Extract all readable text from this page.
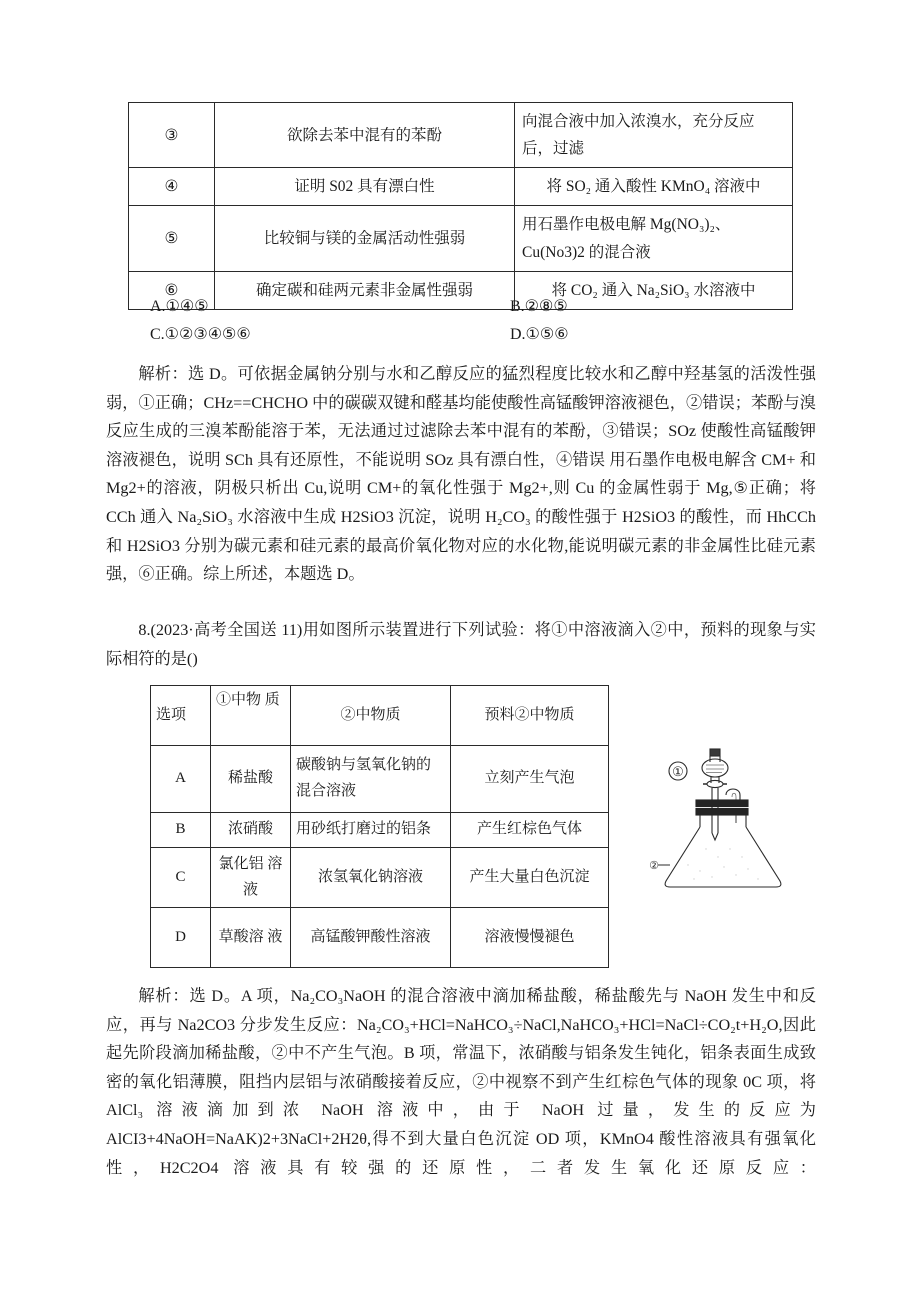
③	欲除去苯中混有的苯酚	向混合液中加入浓溴水，充分反应后，过滤
④	证明 S02 具有漂白性	将 SO₂ 通入酸性 KMnO₄ 溶液中
⑤	比较铜与镁的金属活动性强弱	用石墨作电极电解 Mg(NO₃)₂、Cu(No3)2 的混合液
⑥	确定碳和硅两元素非金属性强弱	将 CO₂ 通入 Na₂SiO₃ 水溶液中
A.①④⑤	B.②⑧⑤
C.①②③④⑤⑥	D.①⑤⑥
解析：选 D。可依据金属钠分别与水和乙醇反应的猛烈程度比较水和乙醇中羟基氢的活泼性强弱，①正确；CHz==CHCHO 中的碳碳双键和醛基均能使酸性高锰酸钾溶液褪色，②错误；苯酚与溴反应生成的三溴苯酚能溶于苯，无法通过过滤除去苯中混有的苯酚，③错误；SOz 使酸性高锰酸钾溶液褪色，说明 SCh 具有还原性，不能说明 SOz 具有漂白性，④错误 用石墨作电极电解含 CM+ 和 Mg2+的溶液，阴极只析出 Cu,说明 CM+的氧化性强于 Mg2+,则 Cu 的金属性弱于 Mg,⑤正确；将 CCh 通入 Na₂SiO₃ 水溶液中生成 H2SiO3 沉淀，说明 H₂CO₃ 的酸性强于 H2SiO3 的酸性，而 HhCCh 和 H2SiO3 分别为碳元素和硅元素的最高价氧化物对应的水化物,能说明碳元素的非金属性比硅元素强，⑥正确。综上所述，本题选 D。
8.(2023·高考全国送 11)用如图所示装置进行下列试验：将①中溶液滴入②中，预料的现象与实际相符的是()
选项	①中物 质	②中物质	预料②中物质
A	稀盐酸	碳酸钠与氢氧化钠的 混合溶液	立刻产生气泡
B	浓硝酸	用砂纸打磨过的铝条	产生红棕色气体
C	氯化铝 溶 液	浓氢氧化钠溶液	产生大量白色沉淀
D	草酸溶 液	高锰酸钾酸性溶液	溶液慢慢褪色
①
②
解析：选 D。A 项，Na₂CO₃NaOH 的混合溶液中滴加稀盐酸，稀盐酸先与 NaOH 发生中和反应，再与 Na2CO3 分步发生反应：Na₂CO₃+HCl=NaHCO₃÷NaCl,NaHCO₃+HCl=NaCl÷CO₂t+H₂O,因此起先阶段滴加稀盐酸，②中不产生气泡。B 项，常温下，浓硝酸与铝条发生钝化，铝条表面生成致密的氧化铝薄膜，阻挡内层铝与浓硝酸接着反应，②中视察不到产生红棕色气体的现象 0C 项，将 AlCl₃ 溶液滴加到浓 NaOH 溶液中，由于 NaOH 过量，发生的反应为 AlCI3+4NaOH=NaAK)2+3NaCl+2H2θ,得不到大量白色沉淀 OD 项，KMnO4 酸性溶液具有强氧化性，H2C2O4 溶液具有较强的还原性，二者发生氧化还原反应：
